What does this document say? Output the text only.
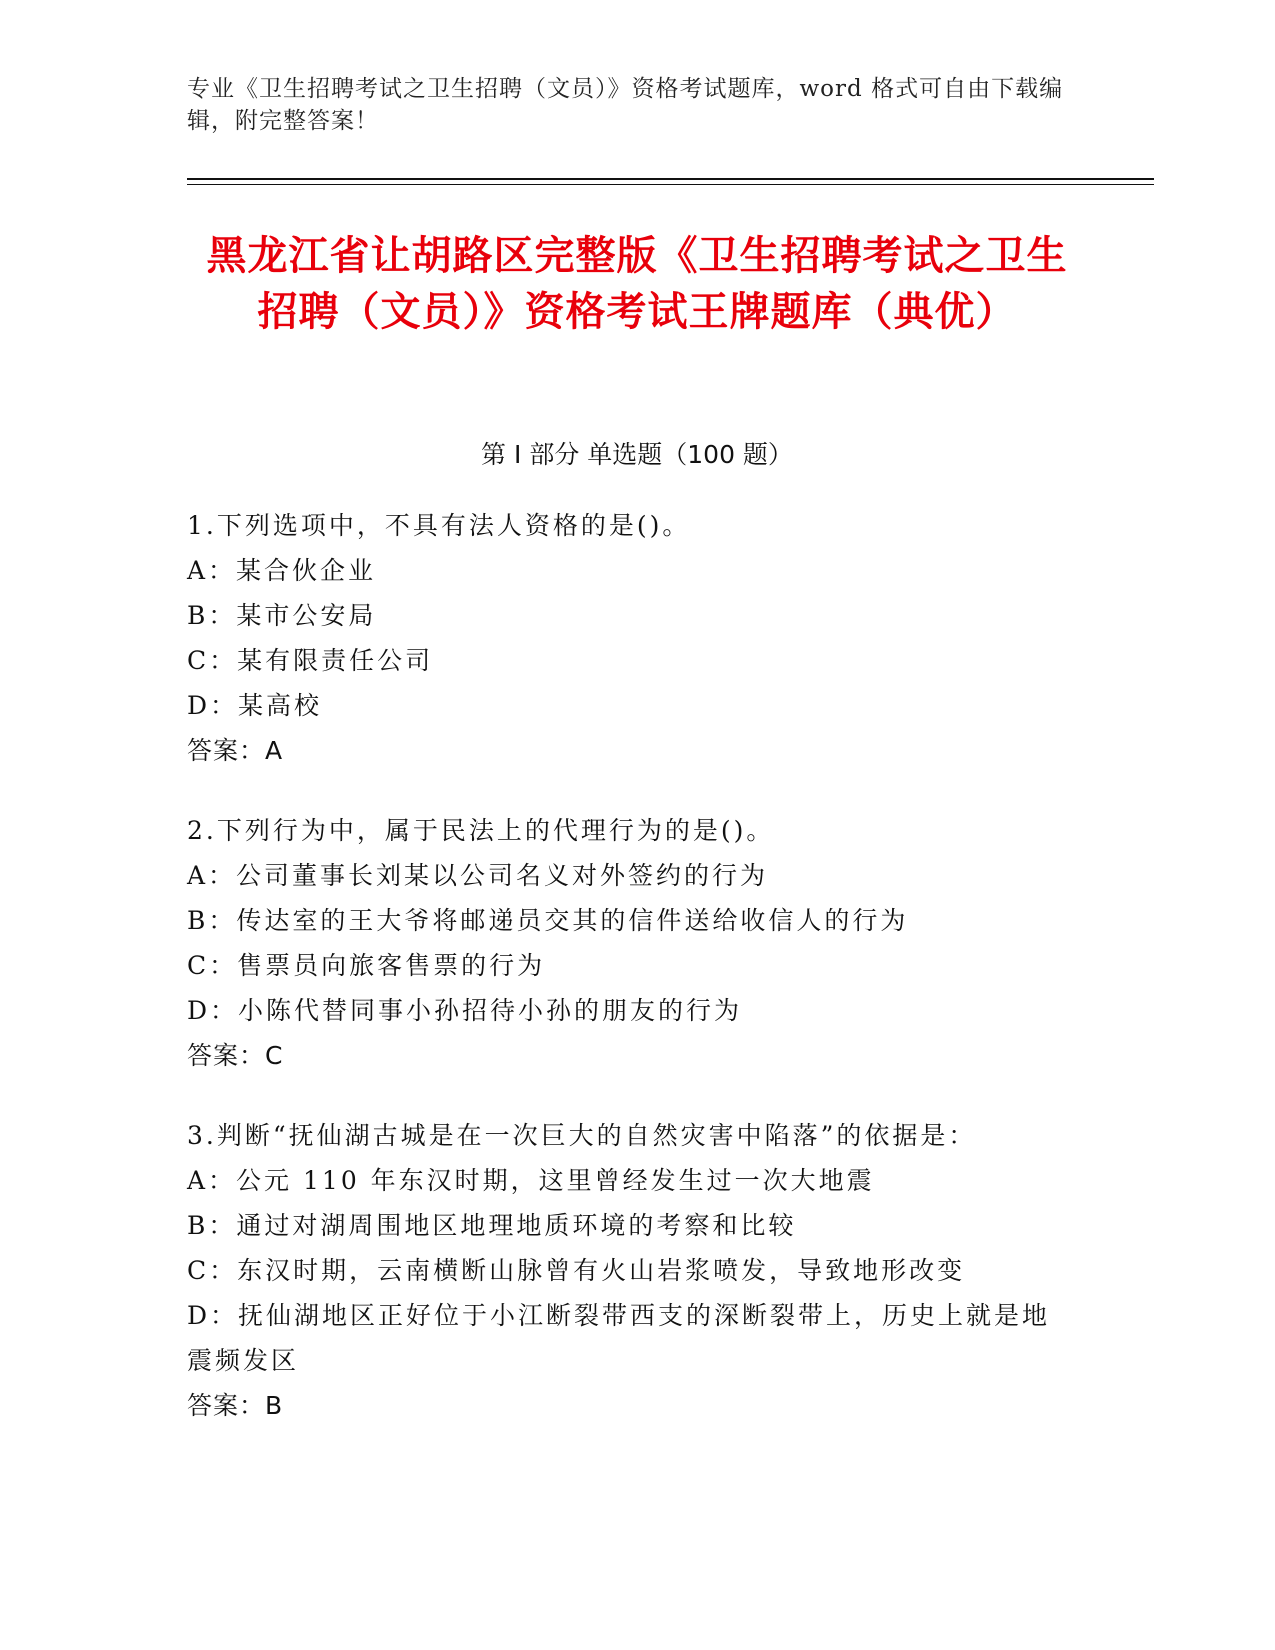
专业《卫生招聘考试之卫生招聘（文员）》资格考试题库，word 格式可自由下载编辑，附完整答案！
黑龙江省让胡路区完整版《卫生招聘考试之卫生招聘（文员）》资格考试王牌题库（典优）
第 I 部分 单选题（100 题）
1.下列选项中，不具有法人资格的是()。
A：某合伙企业
B：某市公安局
C：某有限责任公司
D：某高校
答案：A
2.下列行为中，属于民法上的代理行为的是()。
A：公司董事长刘某以公司名义对外签约的行为
B：传达室的王大爷将邮递员交其的信件送给收信人的行为
C：售票员向旅客售票的行为
D：小陈代替同事小孙招待小孙的朋友的行为
答案：C
3.判断“抚仙湖古城是在一次巨大的自然灾害中陷落”的依据是：
A：公元 110 年东汉时期，这里曾经发生过一次大地震
B：通过对湖周围地区地理地质环境的考察和比较
C：东汉时期，云南横断山脉曾有火山岩浆喷发，导致地形改变
D：抚仙湖地区正好位于小江断裂带西支的深断裂带上，历史上就是地震频发区
答案：B
